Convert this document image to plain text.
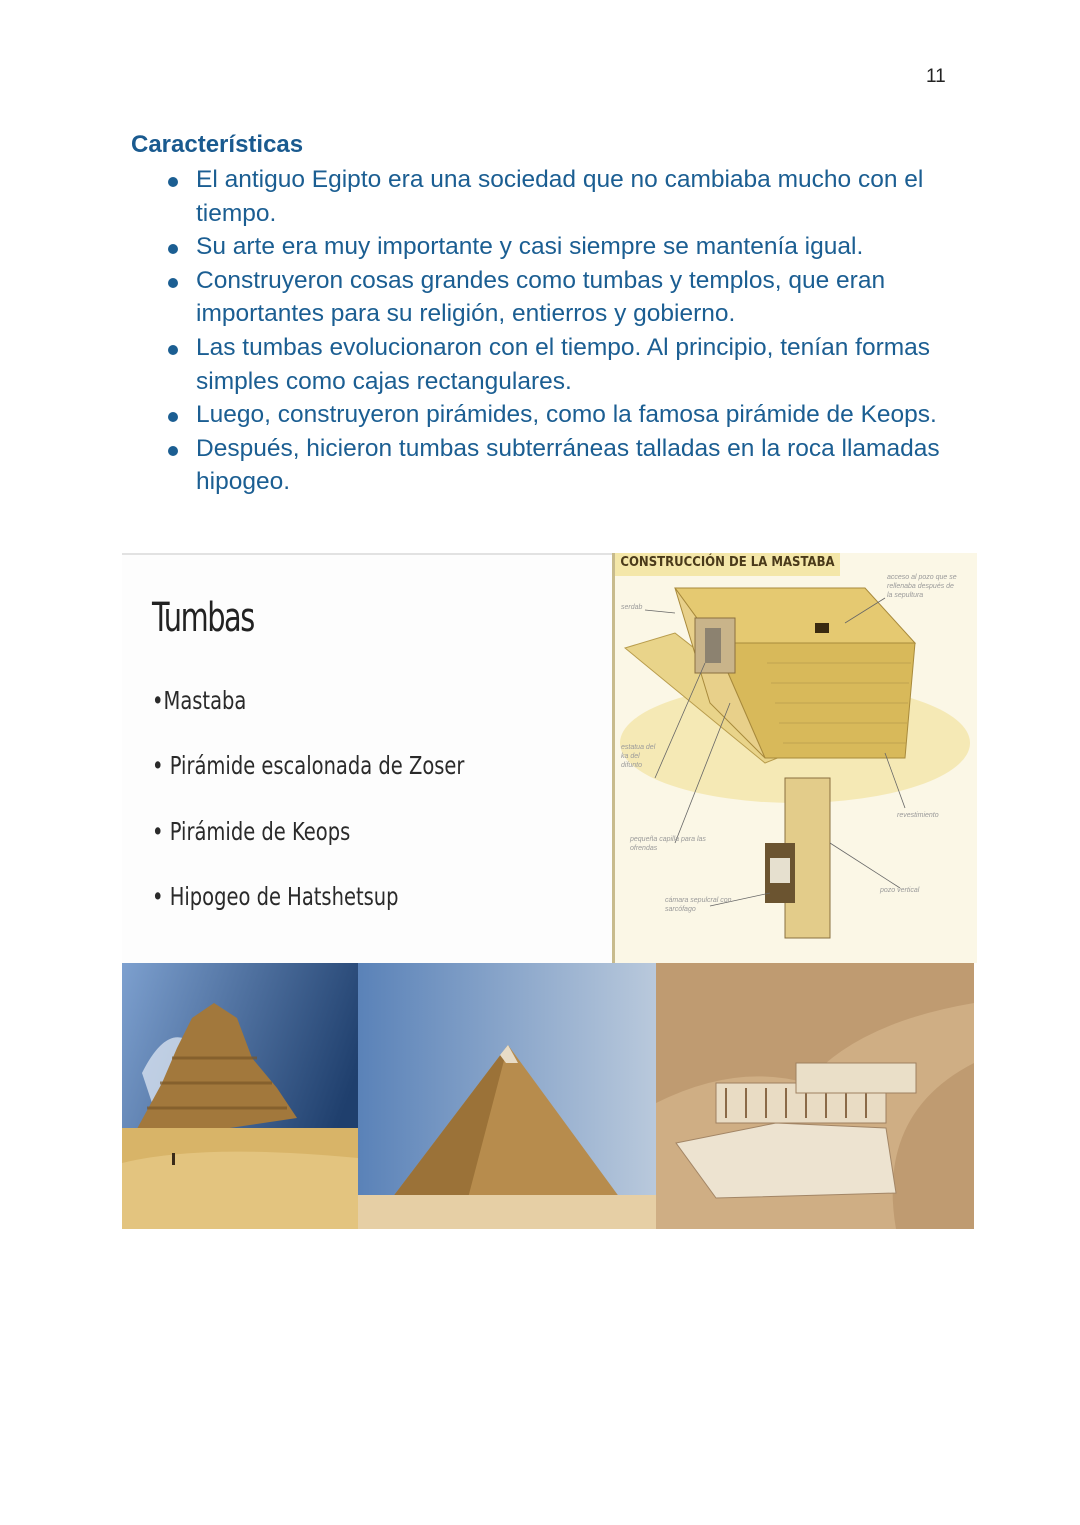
11
Características
El antiguo Egipto era una sociedad que no cambiaba mucho con el tiempo.
Su arte era muy importante y casi siempre se mantenía igual.
Construyeron cosas grandes como tumbas y templos, que eran importantes para su religión, entierros y gobierno.
Las tumbas evolucionaron con el tiempo. Al principio, tenían formas simples como cajas rectangulares.
Luego, construyeron pirámides, como la famosa pirámide de Keops.
Después, hicieron tumbas subterráneas talladas en la roca llamadas hipogeo.
Tumbas
•Mastaba
• Pirámide escalonada de Zoser
• Pirámide de Keops
• Hipogeo de Hatshetsup
CONSTRUCCIÓN DE LA MASTABA
serdab
acceso al pozo que se rellenaba después de la sepultura
estatua del ka del difunto
pequeña capilla para las ofrendas
cámara sepulcral con sarcófago
revestimiento
pozo vertical
